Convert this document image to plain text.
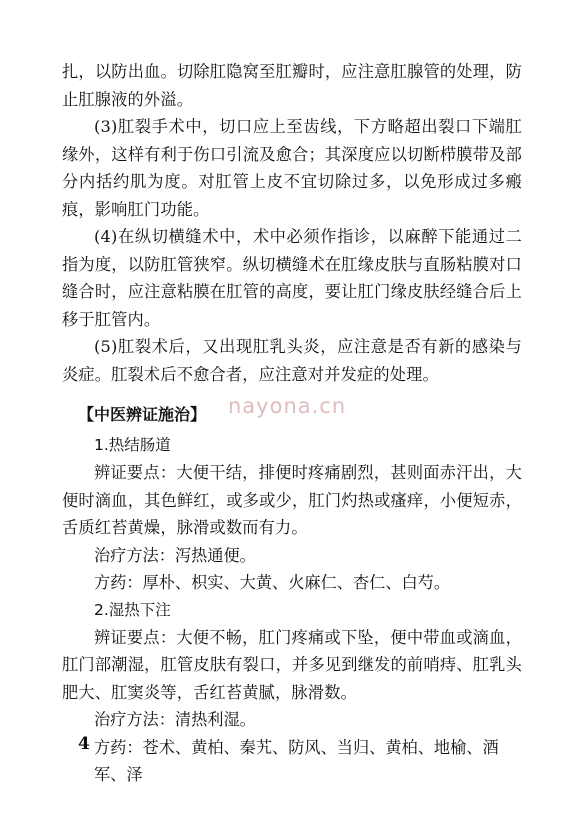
扎，以防出血。切除肛隐窝至肛瓣时，应注意肛腺管的处理，防止肛腺液的外溢。

(3)肛裂手术中，切口应上至齿线，下方略超出裂口下端肛缘外，这样有利于伤口引流及愈合；其深度应以切断栉膜带及部分内括约肌为度。对肛管上皮不宜切除过多，以免形成过多瘢痕，影响肛门功能。

(4)在纵切横缝术中，术中必须作指诊，以麻醉下能通过二指为度，以防肛管狭窄。纵切横缝术在肛缘皮肤与直肠粘膜对口缝合时，应注意粘膜在肛管的高度，要让肛门缘皮肤经缝合后上移于肛管内。

(5)肛裂术后，又出现肛乳头炎，应注意是否有新的感染与炎症。肛裂术后不愈合者，应注意对并发症的处理。

【中医辨证施治】
1.热结肠道

辨证要点：大便干结，排便时疼痛剧烈，甚则面赤汗出，大便时滴血，其色鲜红，或多或少，肛门灼热或瘙痒，小便短赤，舌质红苔黄燥，脉滑或数而有力。

治疗方法：泻热通便。

方药：厚朴、枳实、大黄、火麻仁、杏仁、白芍。

2.湿热下注

辨证要点：大便不畅，肛门疼痛或下坠，便中带血或滴血，肛门部潮湿，肛管皮肤有裂口，并多见到继发的前哨痔、肛乳头肥大、肛窦炎等，舌红苔黄腻，脉滑数。

治疗方法：清热利湿。

方药：苍术、黄柏、秦艽、防风、当归、黄柏、地榆、酒军、泽

nayona.cn
4
